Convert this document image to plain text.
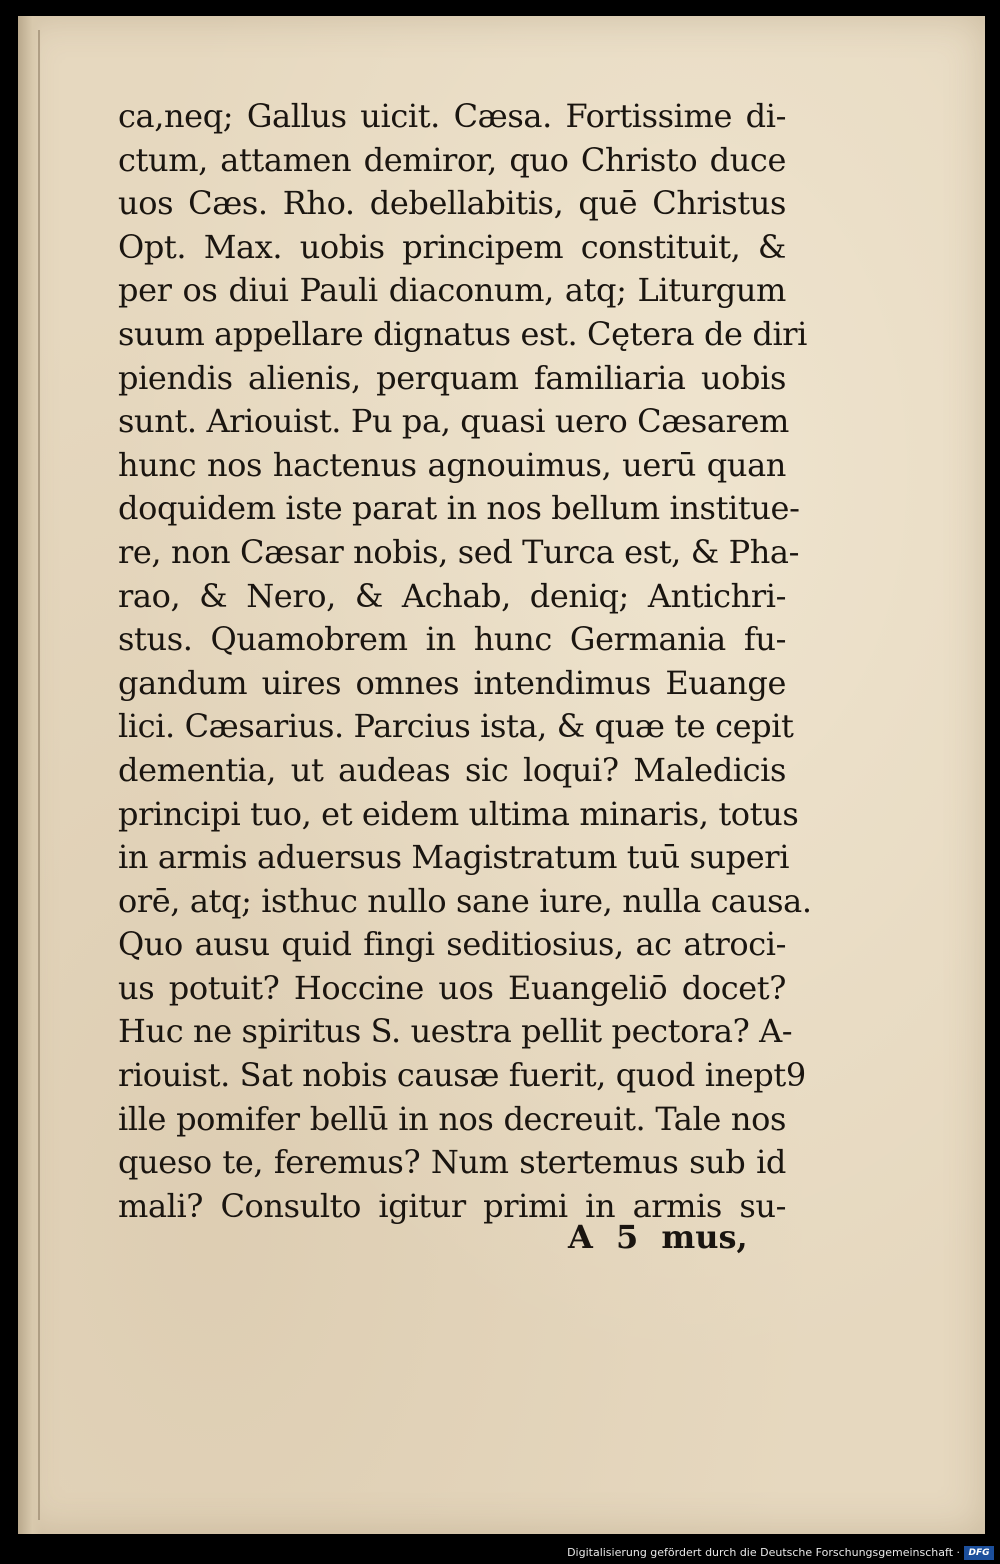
ca,neq; Gallus uicit. Cæsa. Fortissime di-
ctum, attamen demiror, quo Christo duce
uos Cæs. Rho. debellabitis, quē Christus
Opt. Max. uobis principem constituit, &
per os diui Pauli diaconum, atq; Liturgum
suum appellare dignatus est. Cętera de diri
piendis alienis, perquam familiaria uobis
sunt. Ariouist. Pu pa, quasi uero Cæsarem
hunc nos hactenus agnouimus, uerū quan
doquidem iste parat in nos bellum institue-
re, non Cæsar nobis, sed Turca est, & Pha-
rao, & Nero, & Achab, deniq; Antichri-
stus. Quamobrem in hunc Germania fu-
gandum uires omnes intendimus Euange
lici. Cæsarius. Parcius ista, & quæ te cepit
dementia, ut audeas sic loqui? Maledicis
principi tuo, et eidem ultima minaris, totus
in armis aduersus Magistratum tuū superi
orē, atq; isthuc nullo sane iure, nulla causa.
Quo ausu quid fingi seditiosius, ac atroci-
us potuit? Hoccine uos Euangeliō docet?
Huc ne spiritus S. uestra pellit pectora? A-
riouist. Sat nobis causæ fuerit, quod inept9
ille pomifer bellū in nos decreuit. Tale nos
queso te, feremus? Num stertemus sub id
mali? Consulto igitur primi in armis su-
A 5 mus,
Digitalisierung gefördert durch die Deutsche Forschungsgemeinschaft · DFG
